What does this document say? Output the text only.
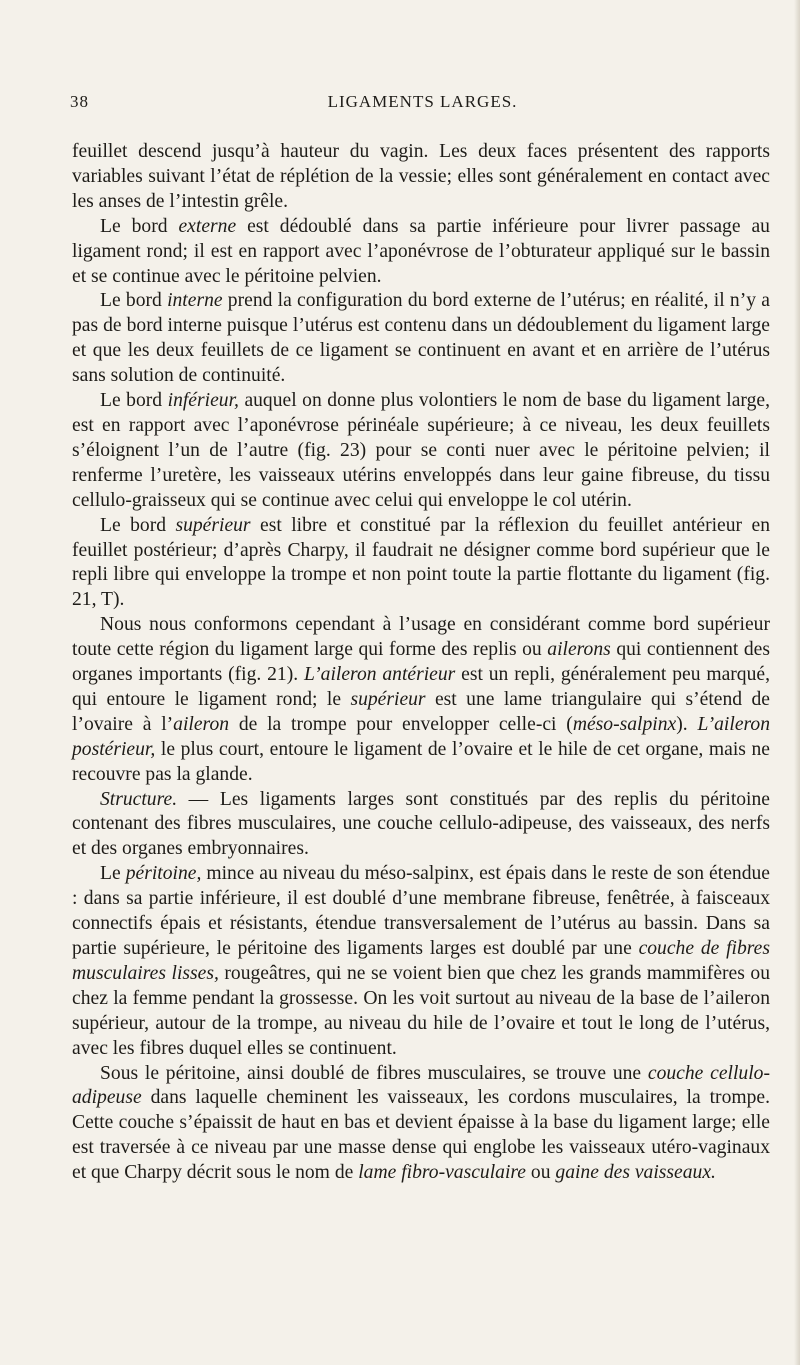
38	LIGAMENTS LARGES.

feuillet descend jusqu’à hauteur du vagin. Les deux faces présentent des rapports variables suivant l’état de réplétion de la vessie; elles sont généralement en contact avec les anses de l’intestin grêle.

Le bord externe est dédoublé dans sa partie inférieure pour livrer passage au ligament rond; il est en rapport avec l’aponévrose de l’obturateur appliqué sur le bassin et se continue avec le péritoine pelvien.

Le bord interne prend la configuration du bord externe de l’utérus; en réalité, il n’y a pas de bord interne puisque l’utérus est contenu dans un dédoublement du ligament large et que les deux feuillets de ce ligament se continuent en avant et en arrière de l’utérus sans solution de continuité.

Le bord inférieur, auquel on donne plus volontiers le nom de base du ligament large, est en rapport avec l’aponévrose périnéale supérieure; à ce niveau, les deux feuillets s’éloignent l’un de l’autre (fig. 23) pour se conti nuer avec le péritoine pelvien; il renferme l’uretère, les vaisseaux utérins enveloppés dans leur gaine fibreuse, du tissu cellulo-graisseux qui se continue avec celui qui enveloppe le col utérin.

Le bord supérieur est libre et constitué par la réflexion du feuillet antérieur en feuillet postérieur; d’après Charpy, il faudrait ne désigner comme bord supérieur que le repli libre qui enveloppe la trompe et non point toute la partie flottante du ligament (fig. 21, T).

Nous nous conformons cependant à l’usage en considérant comme bord supérieur toute cette région du ligament large qui forme des replis ou ailerons qui contiennent des organes importants (fig. 21). L’aileron antérieur est un repli, généralement peu marqué, qui entoure le ligament rond; le supérieur est une lame triangulaire qui s’étend de l’ovaire à l’aileron de la trompe pour envelopper celle-ci (méso-salpinx). L’aileron postérieur, le plus court, entoure le ligament de l’ovaire et le hile de cet organe, mais ne recouvre pas la glande.

Structure. — Les ligaments larges sont constitués par des replis du péritoine contenant des fibres musculaires, une couche cellulo-adipeuse, des vaisseaux, des nerfs et des organes embryonnaires.

Le péritoine, mince au niveau du méso-salpinx, est épais dans le reste de son étendue : dans sa partie inférieure, il est doublé d’une membrane fibreuse, fenêtrée, à faisceaux connectifs épais et résistants, étendue transversalement de l’utérus au bassin. Dans sa partie supérieure, le péritoine des ligaments larges est doublé par une couche de fibres musculaires lisses, rougeâtres, qui ne se voient bien que chez les grands mammifères ou chez la femme pendant la grossesse. On les voit surtout au niveau de la base de l’aileron supérieur, autour de la trompe, au niveau du hile de l’ovaire et tout le long de l’utérus, avec les fibres duquel elles se continuent.

Sous le péritoine, ainsi doublé de fibres musculaires, se trouve une couche cellulo-adipeuse dans laquelle cheminent les vaisseaux, les cordons musculaires, la trompe. Cette couche s’épaissit de haut en bas et devient épaisse à la base du ligament large; elle est traversée à ce niveau par une masse dense qui englobe les vaisseaux utéro-vaginaux et que Charpy décrit sous le nom de lame fibro-vasculaire ou gaine des vaisseaux.
